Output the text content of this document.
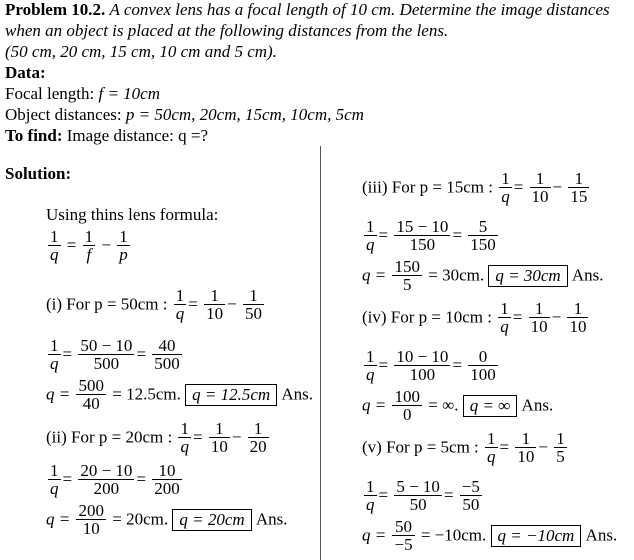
Problem 10.2. A convex lens has a focal length of 10 cm. Determine the image distances
when an object is placed at the following distances from the lens.
(50 cm, 20 cm, 15 cm, 10 cm and 5 cm).
Data:
Focal length: f = 10cm
Object distances: p = 50cm, 20cm, 15cm, 10cm, 5cm
To find: Image distance: q =?
Solution:
Using thins lens formula:
$\frac{1}{q} = \frac{1}{f} - \frac{1}{p}$
(i) For p = 50cm : $\frac{1}{q} = \frac{1}{10} - \frac{1}{50}$
$\frac{1}{q} = \frac{50 - 10}{500} = \frac{40}{500}$
$q = \frac{500}{40} = 12.5cm$. q = 12.5cm Ans.
(ii) For p = 20cm : $\frac{1}{q} = \frac{1}{10} - \frac{1}{20}$
$\frac{1}{q} = \frac{20 - 10}{200} = \frac{10}{200}$
$q = \frac{200}{10} = 20cm$. q = 20cm Ans.
(iii) For p = 15cm : $\frac{1}{q} = \frac{1}{10} - \frac{1}{15}$
$\frac{1}{q} = \frac{15 - 10}{150} = \frac{5}{150}$
$q = \frac{150}{5} = 30cm$. q = 30cm Ans.
(iv) For p = 10cm : $\frac{1}{q} = \frac{1}{10} - \frac{1}{10}$
$\frac{1}{q} = \frac{10 - 10}{100} = \frac{0}{100}$
$q = \frac{100}{0}$ = ∞. q = ∞ Ans.
(v) For p = 5cm : $\frac{1}{q} = \frac{1}{10} - \frac{1}{5}$
$\frac{1}{q} = \frac{5 - 10}{50} = \frac{-5}{50}$
$q = \frac{50}{-5} = -10cm$. q = −10cm Ans.
